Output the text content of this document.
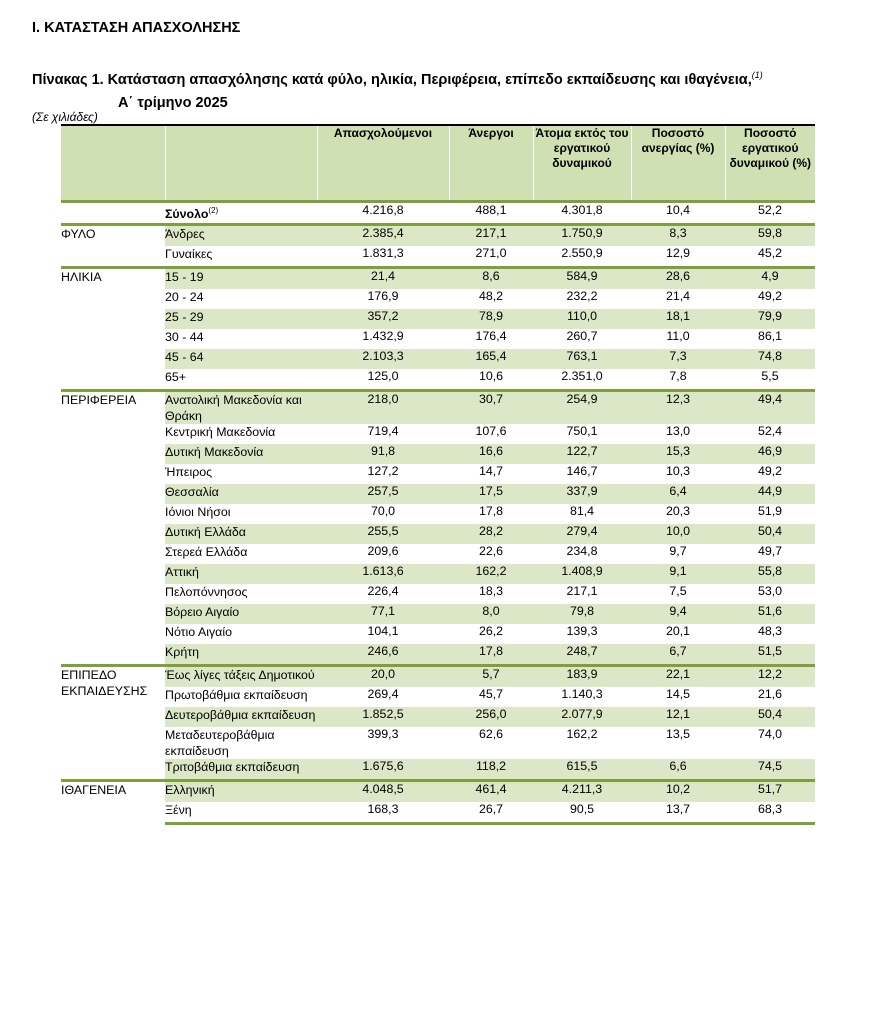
Ι. ΚΑΤΑΣΤΑΣΗ ΑΠΑΣΧΟΛΗΣΗΣ
Πίνακας 1. Κατάσταση απασχόλησης κατά φύλο, ηλικία, Περιφέρεια, επίπεδο εκπαίδευσης και ιθαγένεια,$^{(1)}$
Α΄ τρίμηνο 2025
(Σε χιλιάδες)
		Απασχολούμενοι	Άνεργοι	Άτομα εκτός του εργατικού δυναμικού	Ποσοστό ανεργίας (%)	Ποσοστό εργατικού δυναμικού (%)
	Σύνολο$^{(2)}$	4.216,8	488,1	4.301,8	10,4	52,2
ΦΥΛΟ	Άνδρες	2.385,4	217,1	1.750,9	8,3	59,8
	Γυναίκες	1.831,3	271,0	2.550,9	12,9	45,2
ΗΛΙΚΙΑ	15 - 19	21,4	8,6	584,9	28,6	4,9
	20 - 24	176,9	48,2	232,2	21,4	49,2
	25 - 29	357,2	78,9	110,0	18,1	79,9
	30 - 44	1.432,9	176,4	260,7	11,0	86,1
	45 - 64	2.103,3	165,4	763,1	7,3	74,8
	65+	125,0	10,6	2.351,0	7,8	5,5
ΠΕΡΙΦΕΡΕΙΑ	Ανατολική Μακεδονία και Θράκη	218,0	30,7	254,9	12,3	49,4
	Κεντρική Μακεδονία	719,4	107,6	750,1	13,0	52,4
	Δυτική Μακεδονία	91,8	16,6	122,7	15,3	46,9
	Ήπειρος	127,2	14,7	146,7	10,3	49,2
	Θεσσαλία	257,5	17,5	337,9	6,4	44,9
	Ιόνιοι Νήσοι	70,0	17,8	81,4	20,3	51,9
	Δυτική Ελλάδα	255,5	28,2	279,4	10,0	50,4
	Στερεά Ελλάδα	209,6	22,6	234,8	9,7	49,7
	Αττική	1.613,6	162,2	1.408,9	9,1	55,8
	Πελοπόννησος	226,4	18,3	217,1	7,5	53,0
	Βόρειο Αιγαίο	77,1	8,0	79,8	9,4	51,6
	Νότιο Αιγαίο	104,1	26,2	139,3	20,1	48,3
	Κρήτη	246,6	17,8	248,7	6,7	51,5
ΕΠΙΠΕΔΟ ΕΚΠΑΙΔΕΥΣΗΣ	Έως λίγες τάξεις Δημοτικού	20,0	5,7	183,9	22,1	12,2
	Πρωτοβάθμια εκπαίδευση	269,4	45,7	1.140,3	14,5	21,6
	Δευτεροβάθμια εκπαίδευση	1.852,5	256,0	2.077,9	12,1	50,4
	Μεταδευτεροβάθμια εκπαίδευση	399,3	62,6	162,2	13,5	74,0
	Τριτοβάθμια εκπαίδευση	1.675,6	118,2	615,5	6,6	74,5
ΙΘΑΓΕΝΕΙΑ	Ελληνική	4.048,5	461,4	4.211,3	10,2	51,7
	Ξένη	168,3	26,7	90,5	13,7	68,3
